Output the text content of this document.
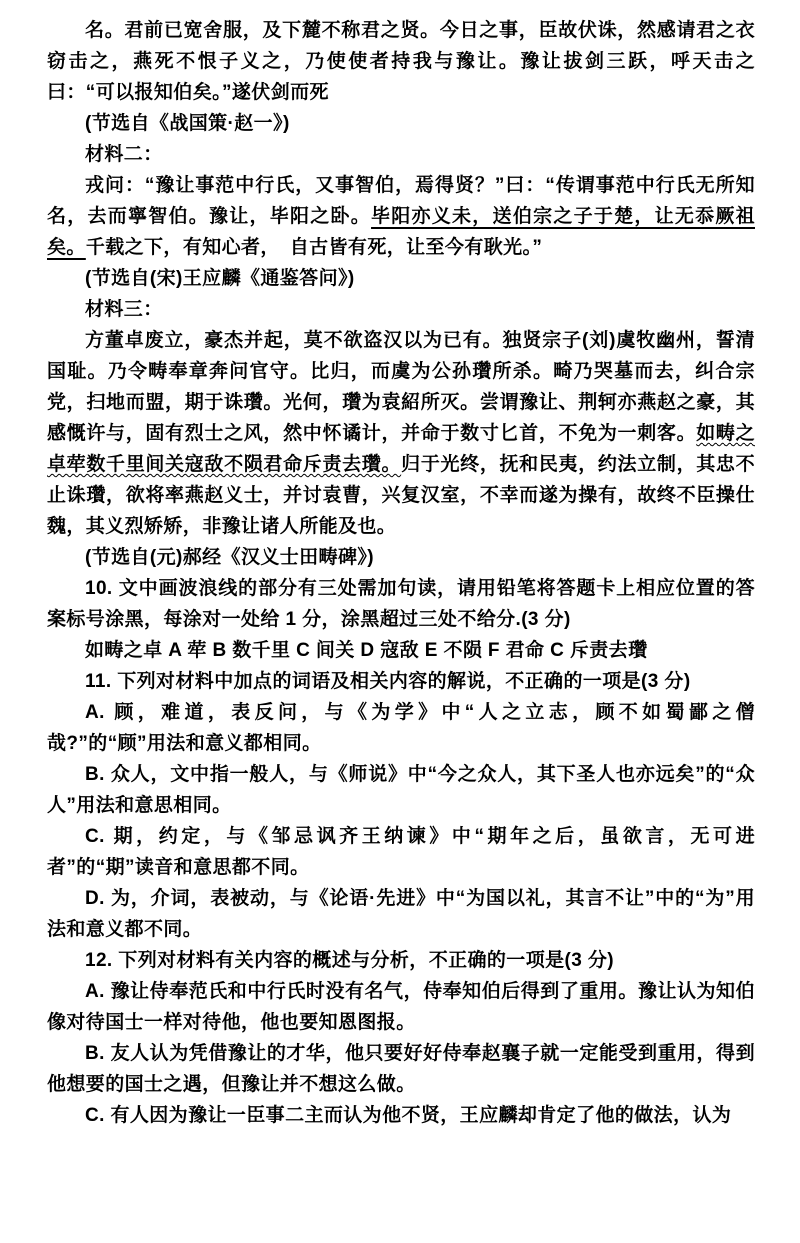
名。君前已宽舍服，及下麓不称君之贤。今日之事，臣故伏诛，然感请君之衣窃击之，燕死不恨子义之，乃使使者持我与豫让。豫让拔剑三跃，呼天击之曰：“可以报知伯矣。”遂伏剑而死

(节选自《战国策·赵一》)

材料二：

戎问：“豫让事范中行氏，又事智伯，焉得贤？”曰：“传谓事范中行氏无所知名，去而寧智伯。豫让，毕阳之卧。毕阳亦义未，送伯宗之子于楚，让无忝厥祖矣。千载之下，有知心者，　自古皆有死，让至今有耿光。”

(节选自(宋)王应麟《通鉴答问》)

材料三：

方董卓废立，豪杰并起，莫不欲盗汉以为已有。独贤宗子(刘)虞牧幽州，誓清国耻。乃令畴奉章奔问官守。比归，而虞为公孙瓚所杀。畸乃哭墓而去，纠合宗党，扫地而盟，期于诛瓚。光何，瓚为袁紹所灭。尝谓豫让、荆轲亦燕赵之豪，其感慨许与，固有烈士之风，然中怀谲计，并命于数寸匕首，不免为一刺客。如畴之卓荦数千里间关寇敌不陨君命斥责去瓚。归于光终，抚和民夷，约法立制，其忠不止诛瓚，欲将率燕赵义士，并讨袁曹，兴复汉室，不幸而遂为操有，故终不臣操仕魏，其义烈矫矫，非豫让诸人所能及也。

(节选自(元)郝经《汉义士田畴碑》)

10. 文中画波浪线的部分有三处需加句读，请用铅笔将答题卡上相应位置的答案标号涂黑，每涂对一处给 1 分，涂黑超过三处不给分.(3 分)

如畴之卓 A 荦 B 数千里 C 间关 D 寇敌 E 不陨 F 君命 C 斥责去瓚

11. 下列对材料中加点的词语及相关内容的解说，不正确的一项是(3 分)

A. 顾，难道，表反问，与《为学》中“人之立志，顾不如蜀鄙之僧哉?”的“顾”用法和意义都相同。

B. 众人，文中指一般人，与《师说》中“今之众人，其下圣人也亦远矣”的“众人”用法和意思相同。

C. 期，约定，与《邹忌讽齐王纳谏》中“期年之后，虽欲言，无可进者”的“期”读音和意思都不同。

D. 为，介词，表被动，与《论语·先进》中“为国以礼，其言不让”中的“为”用法和意义都不同。

12. 下列对材料有关内容的概述与分析，不正确的一项是(3 分)

A. 豫让侍奉范氏和中行氏时没有名气，侍奉知伯后得到了重用。豫让认为知伯像对待国士一样对待他，他也要知恩图报。

B. 友人认为凭借豫让的才华，他只要好好侍奉赵襄子就一定能受到重用，得到他想要的国士之遇，但豫让并不想这么做。

C. 有人因为豫让一臣事二主而认为他不贤，王应麟却肯定了他的做法，认为
